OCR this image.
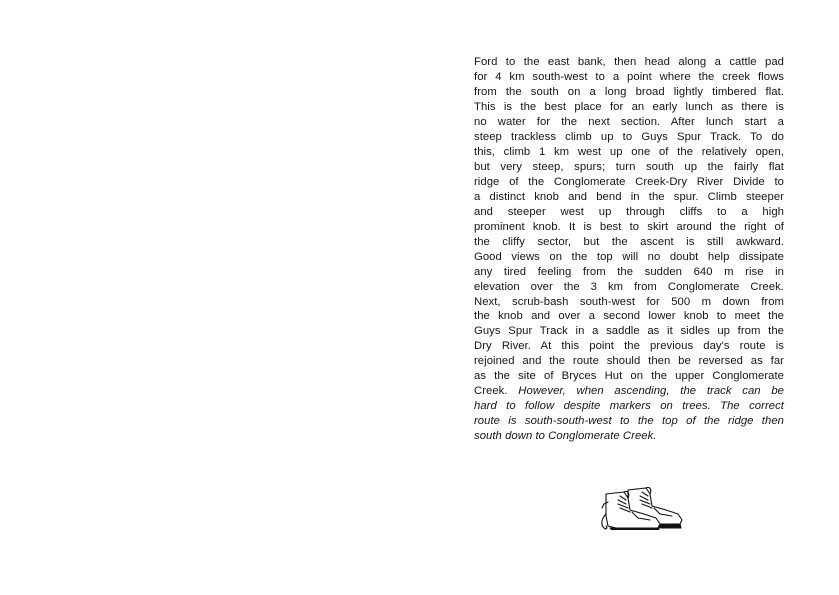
Ford to the east bank, then head along a cattle pad
for 4 km south-west to a point where the creek flows
from the south on a long broad lightly timbered flat.
This is the best place for an early lunch as there is
no water for the next section. After lunch start a
steep trackless climb up to Guys Spur Track. To do
this, climb 1 km west up one of the relatively open,
but very steep, spurs; turn south up the fairly flat
ridge of the Conglomerate Creek-Dry River Divide to
a distinct knob and bend in the spur. Climb steeper
and steeper west up through cliffs to a high
prominent knob. It is best to skirt around the right of
the cliffy sector, but the ascent is still awkward.
Good views on the top will no doubt help dissipate
any tired feeling from the sudden 640 m rise in
elevation over the 3 km from Conglomerate Creek.
Next, scrub-bash south-west for 500 m down from
the knob and over a second lower knob to meet the
Guys Spur Track in a saddle as it sidles up from the
Dry River. At this point the previous day's route is
rejoined and the route should then be reversed as far
as the site of Bryces Hut on the upper Conglomerate
Creek. However, when ascending, the track can be
hard to follow despite markers on trees. The correct
route is south-south-west to the top of the ridge then
south down to Conglomerate Creek.
